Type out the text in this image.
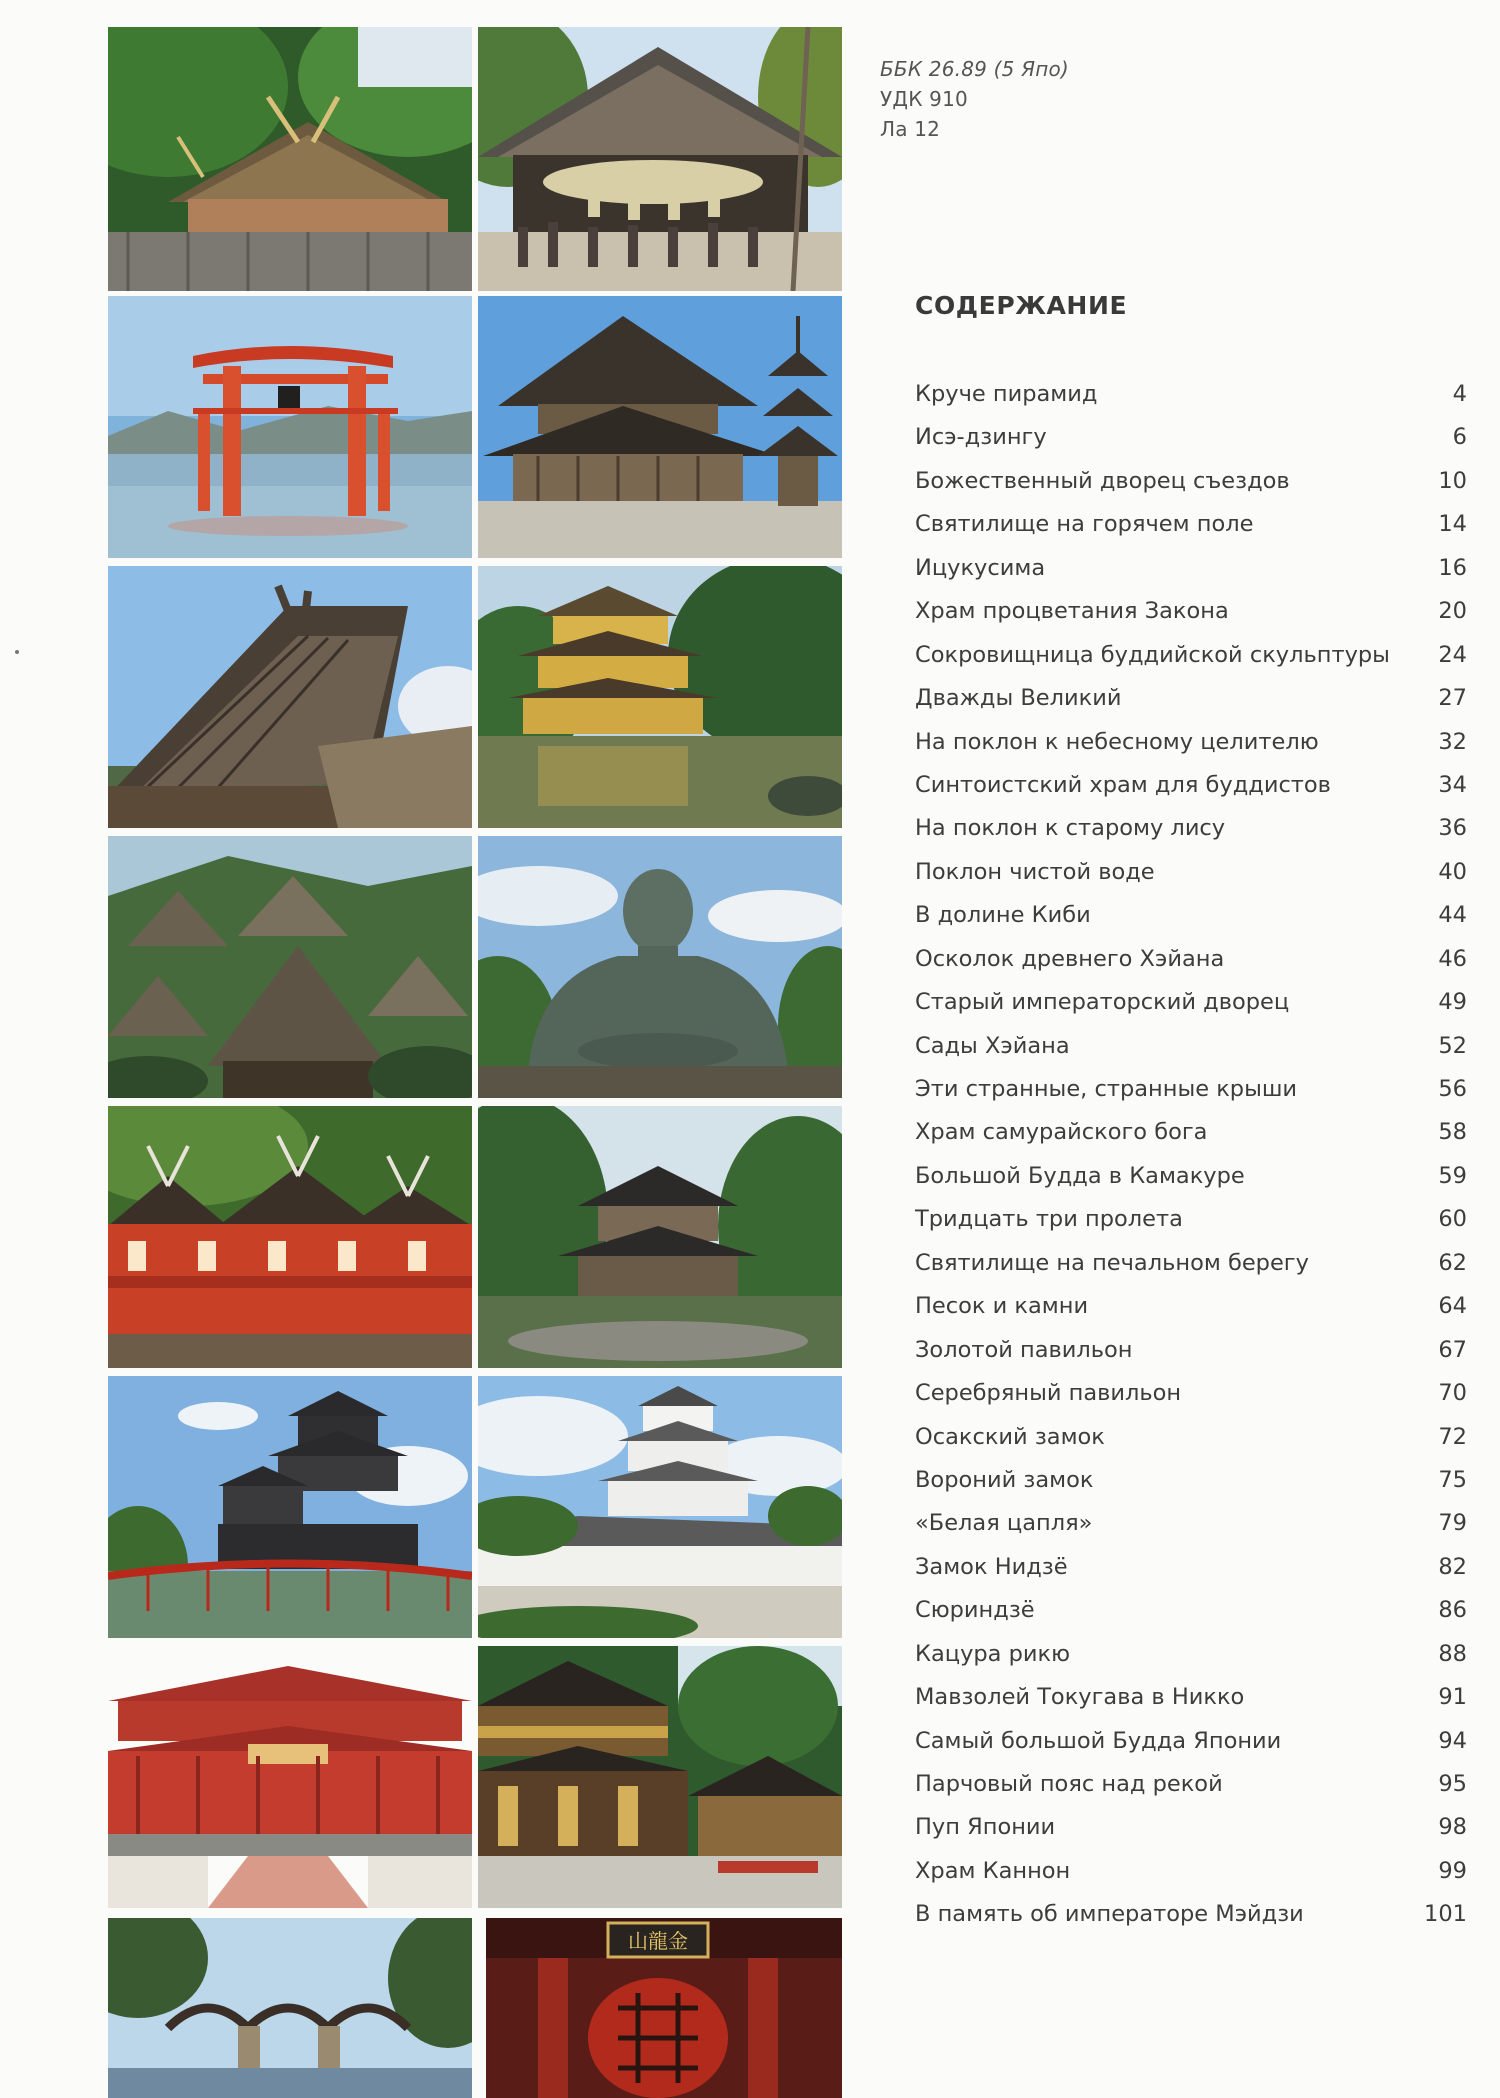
山龍金
ББК 26.89 (5 Япо)
УДК 910
Ла 12
СОДЕРЖАНИЕ
Круче пирамид	4
Исэ-дзингу	6
Божественный дворец съездов	10
Святилище на горячем поле	14
Ицукусима	16
Храм процветания Закона	20
Сокровищница буддийской скульптуры 24
Дважды Великий	27
На поклон к небесному целителю	32
Синтоистский храм для буддистов	34
На поклон к старому лису	36
Поклон чистой воде	40
В долине Киби	44
Осколок древнего Хэйана	46
Старый императорский дворец	49
Сады Хэйана	52
Эти странные, странные крыши	56
Храм самурайского бога	58
Большой Будда в Камакуре	59
Тридцать три пролета	60
Святилище на печальном берегу	62
Песок и камни	64
Золотой павильон	67
Серебряный павильон	70
Осакский замок	72
Вороний замок	75
«Белая цапля»	79
Замок Нидзё	82
Сюриндзё	86
Кацура рикю	88
Мавзолей Токугава в Никко	91
Самый большой Будда Японии	94
Парчовый пояс над рекой	95
Пуп Японии	98
Храм Каннон	99
В память об императоре Мэйдзи	101
